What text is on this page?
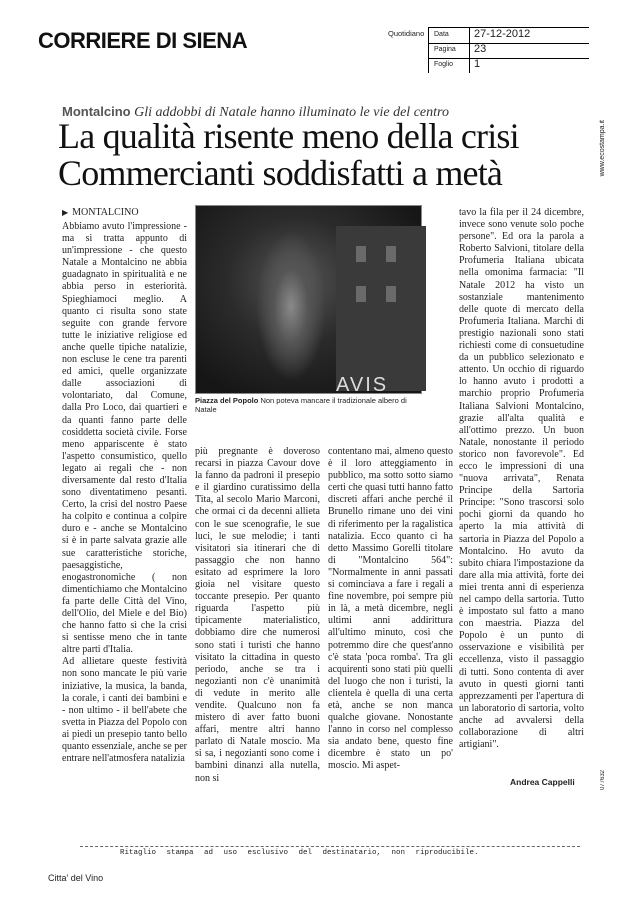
CORRIERE DI SIENA	Quotidiano Data 27-12-2012
Pagina 23
Foglio 1
www.ecostampa.it
077632
Montalcino Gli addobbi di Natale hanno illuminato le vie del centro
La qualità risente meno della crisi
Commercianti soddisfatti a metà
▶ MONTALCINO

Abbiamo avuto l'impressione - ma si tratta appunto di un'impressione - che questo Natale a Montalcino ne abbia guadagnato in spiritualità e ne abbia perso in esteriorità. Spieghiamoci meglio. A quanto ci risulta sono state seguite con grande fervore tutte le iniziative religiose ed anche quelle tipiche natalizie, non escluse le cene tra parenti ed amici, quelle organizzate dalle associazioni di volontariato, dal Comune, dalla Pro Loco, dai quartieri e da quanti fanno parte delle cosiddetta società civile. Forse meno appariscente è stato l'aspetto consumistico, quello legato ai regali che - non diversamente dal resto d'Italia sono diventatimeno pesanti. Certo, la crisi del nostro Paese ha colpito e continua a colpire duro e - anche se Montalcino si è in parte salvata grazie alle sue caratteristiche storiche, paesaggistiche, enogastronomiche ( non dimentichiamo che Montalcino fa parte delle Città del Vino, dell'Olio, del Miele e del Bio) che hanno fatto sì che la crisi si sentisse meno che in tante altre parti d'Italia.

Ad allietare queste festività non sono mancate le più varie iniziative, la musica, la banda, la corale, i canti dei bambini e - non ultimo - il bell'abete che svetta in Piazza del Popolo con ai piedi un presepio tanto bello quanto essenziale, anche se per entrare nell'atmosfera natalizia

AVIS
Piazza del Popolo Non poteva mancare il tradizionale albero di Natale

più pregnante è doveroso recarsi in piazza Cavour dove la fanno da padroni il presepio e il giardino curatissimo della Tita, al secolo Mario Marconi, che ormai ci da decenni allieta con le sue scenografie, le sue luci, le sue melodie; i tanti visitatori sia itinerari che di passaggio che non hanno esitato ad esprimere la loro gioia nel visitare questo toccante presepio. Per quanto riguarda l'aspetto più tipicamente materialistico, dobbiamo dire che numerosi sono stati i turisti che hanno visitato la cittadina in questo periodo, anche se tra i negozianti non c'è unanimità di vedute in merito alle vendite. Qualcuno non fa mistero di aver fatto buoni affari, mentre altri hanno parlato di Natale moscio. Ma si sa, i negozianti sono come i bambini dinanzi alla nutella, non si

contentano mai, almeno questo è il loro atteggiamento in pubblico, ma sotto sotto siamo certi che quasi tutti hanno fatto discreti affari anche perché il Brunello rimane uno dei vini di riferimento per la ragalistica natalizia. Ecco quanto ci ha detto Massimo Gorelli titolare di "Montalcino 564": "Normalmente in anni passati si cominciava a fare i regali a fine novembre, poi sempre più in là, a metà dicembre, negli ultimi anni addirittura all'ultimo minuto, così che potremmo dire che quest'anno c'è stata 'poca romba'. Tra gli acquirenti sono stati più quelli del luogo che non i turisti, la clientela è quella di una certa età, anche se non manca qualche giovane. Nonostante l'anno in corso nel complesso sia andato bene, questo fine dicembre è stato un po' moscio. Mi aspet-

tavo la fila per il 24 dicembre, invece sono venute solo poche persone". Ed ora la parola a Roberto Salvioni, titolare della Profumeria Italiana ubicata nella omonima farmacia: "Il Natale 2012 ha visto un sostanziale mantenimento delle quote di mercato della Profumeria Italiana. Marchi di prestigio nazionali sono stati richiesti come di consuetudine da un pubblico selezionato e attento. Un occhio di riguardo lo hanno avuto i prodotti a marchio proprio Profumeria Italiana Salvioni Montalcino, grazie all'alta qualità e all'ottimo prezzo. Un buon Natale, nonostante il periodo storico non favorevole". Ed ecco le impressioni di una "nuova arrivata", Renata Principe della Sartoria Principe: "Sono trascorsi solo pochi giorni da quando ho aperto la mia attività di sartoria in Piazza del Popolo a Montalcino. Ho avuto da subito chiara l'impostazione da dare alla mia attività, forte dei miei trenta anni di esperienza nel campo della sartoria. Tutto è impostato sul fatto a mano con maestria. Piazza del Popolo è un punto di osservazione e visibilità per eccellenza, visto il passaggio di tutti. Sono contenta di aver avuto in questi giorni tanti apprezzamenti per l'apertura di un laboratorio di sartoria, volto anche ad avvalersi della collaborazione di altri artigiani".

Andrea Cappelli
Ritaglio stampa ad uso esclusivo del destinatario, non riproducibile.
Citta' del Vino
